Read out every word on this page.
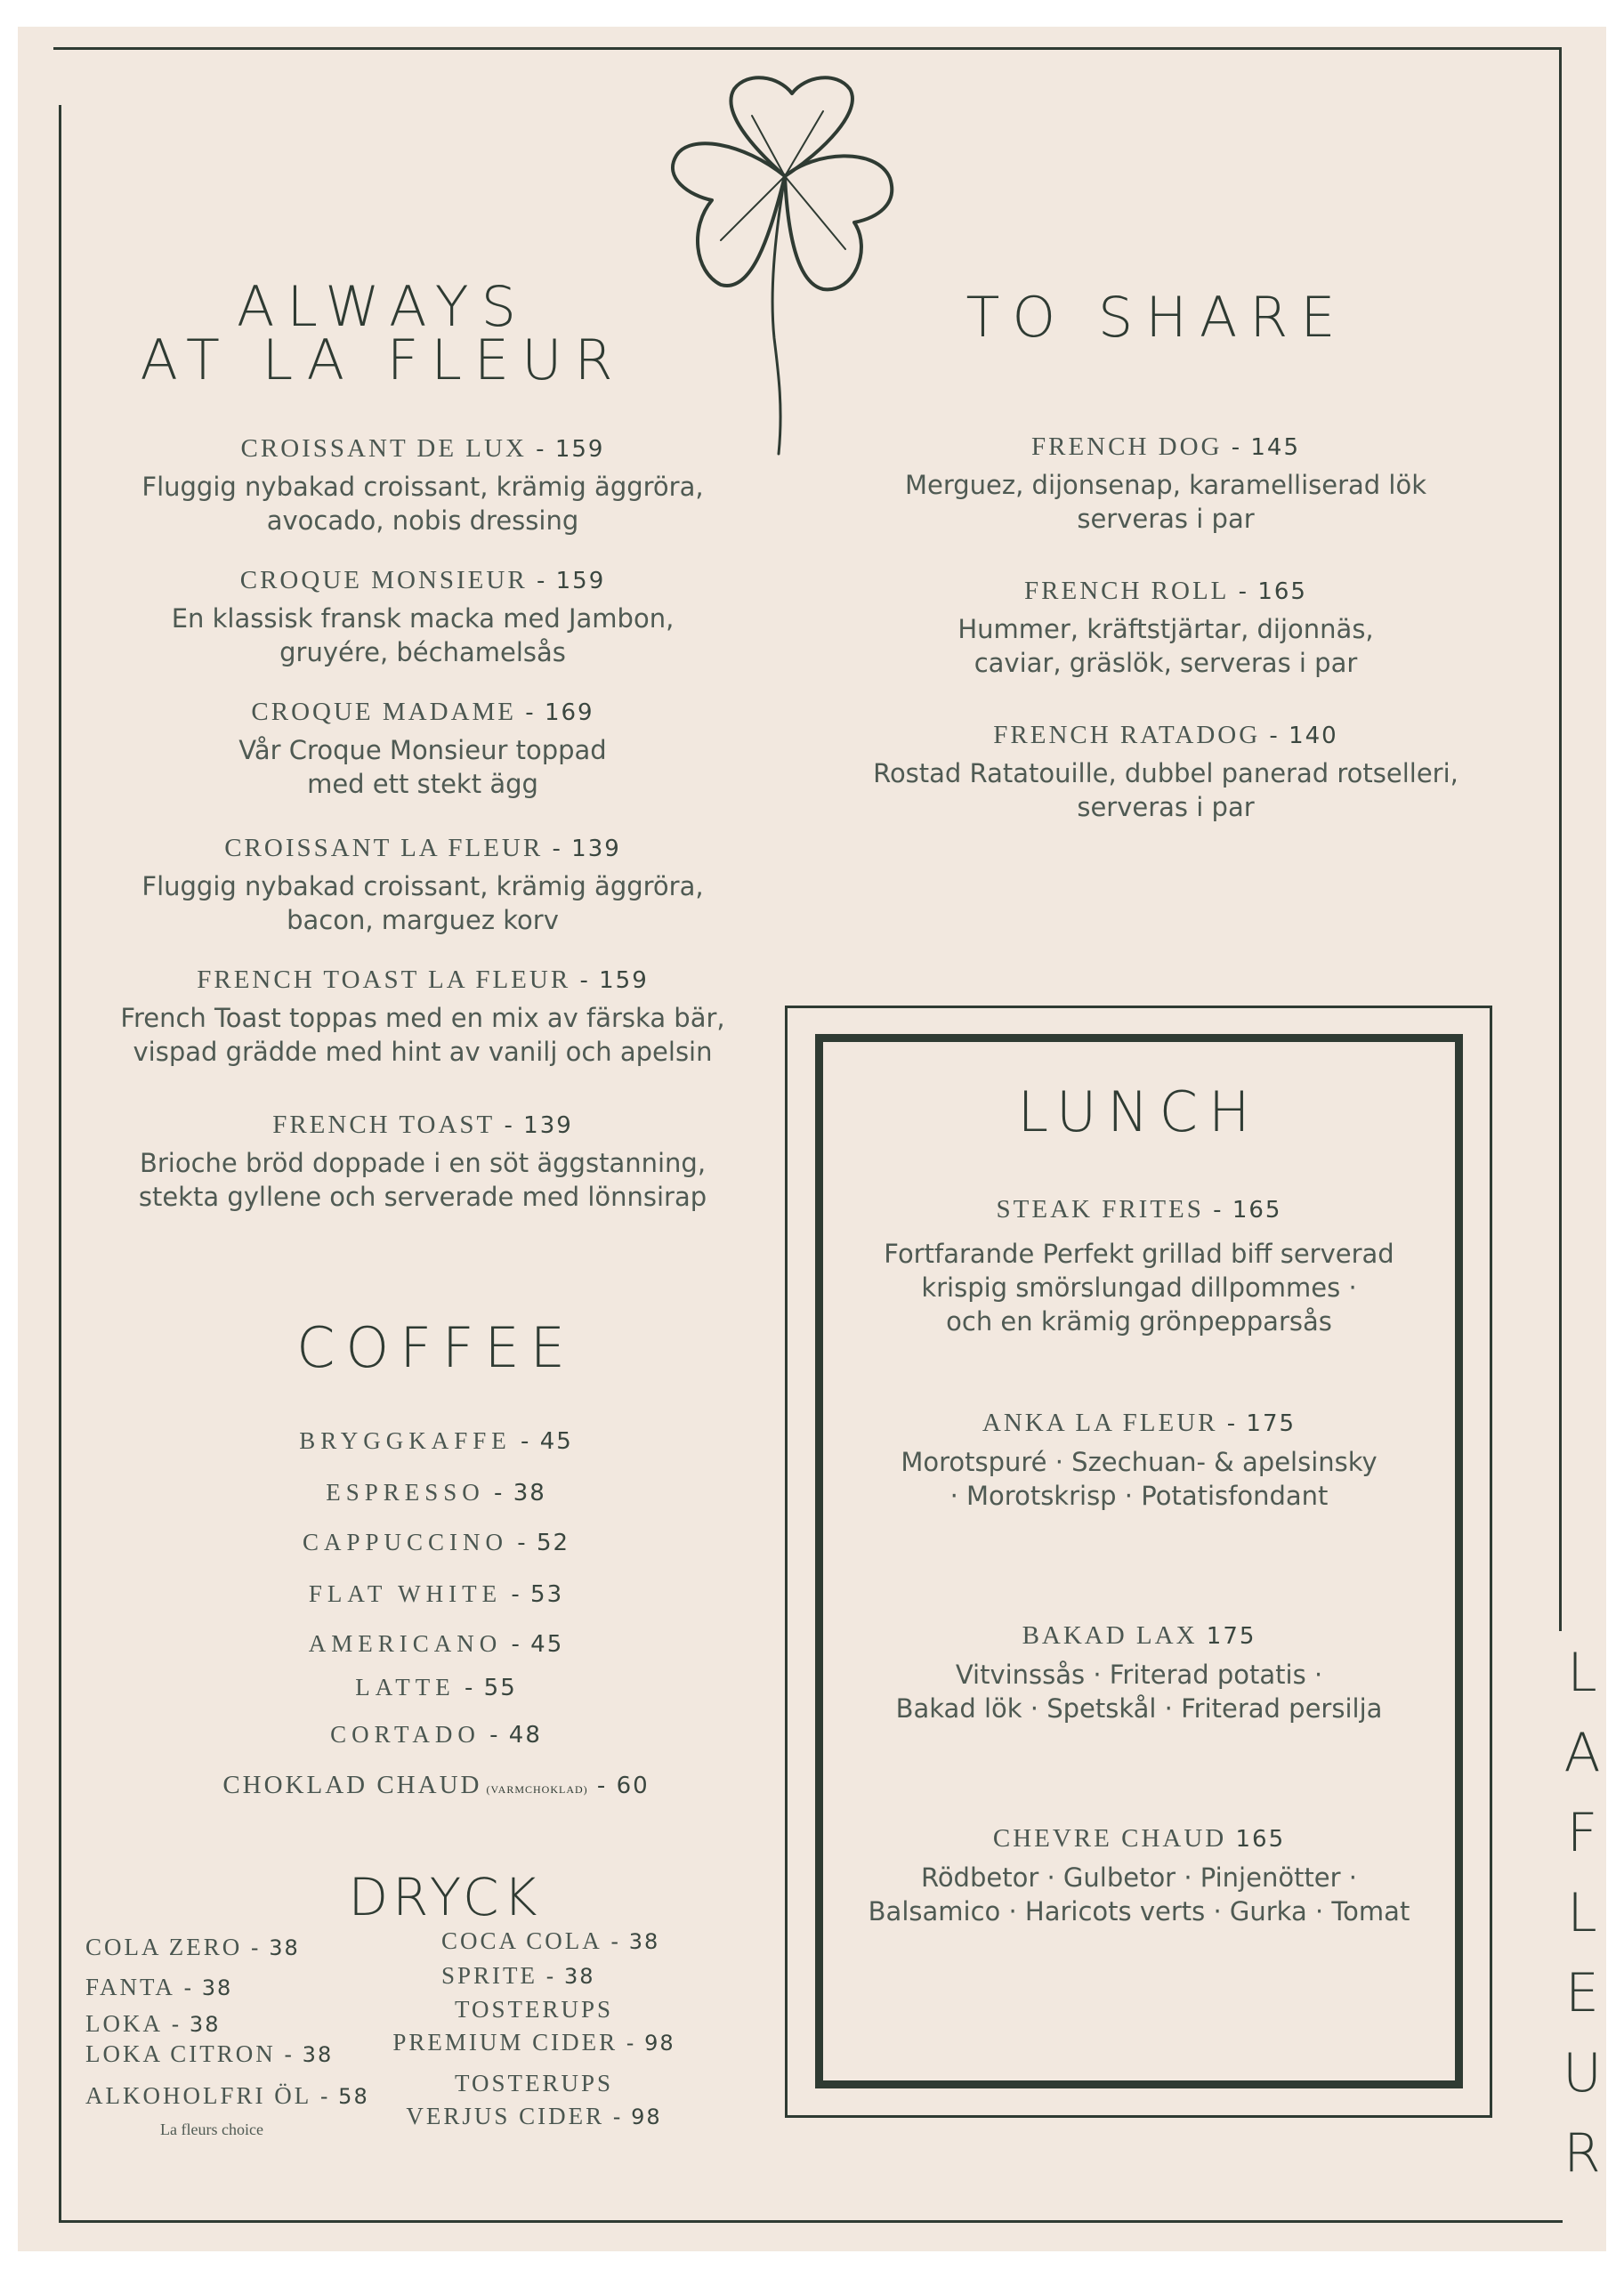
ALWAYS
AT LA FLEUR
TO SHARE
CROISSANT DE LUX - 159
Fluggig nybakad croissant, krämig äggröra,
avocado, nobis dressing
CROQUE MONSIEUR - 159
En klassisk fransk macka med Jambon,
gruyére, béchamelsås
CROQUE MADAME - 169
Vår Croque Monsieur toppad
med ett stekt ägg
CROISSANT LA FLEUR - 139
Fluggig nybakad croissant, krämig äggröra,
bacon, marguez korv
FRENCH TOAST LA FLEUR - 159
French Toast toppas med en mix av färska bär,
vispad grädde med hint av vanilj och apelsin
FRENCH TOAST - 139
Brioche bröd doppade i en söt äggstanning,
stekta gyllene och serverade med lönnsirap
FRENCH DOG - 145
Merguez, dijonsenap, karamelliserad lök
serveras i par
FRENCH ROLL - 165
Hummer, kräftstjärtar, dijonnäs,
caviar, gräslök, serveras i par
FRENCH RATADOG - 140
Rostad Ratatouille, dubbel panerad rotselleri,
serveras i par
LUNCH
STEAK FRITES - 165
Fortfarande Perfekt grillad biff serverad
krispig smörslungad dillpommes ·
och en krämig grönpepparsås
ANKA LA FLEUR - 175
Morotspuré · Szechuan- & apelsinsky
· Morotskrisp · Potatisfondant
BAKAD LAX 175
Vitvinssås · Friterad potatis ·
Bakad lök · Spetskål · Friterad persilja
CHEVRE CHAUD 165
Rödbetor · Gulbetor · Pinjenötter ·
Balsamico · Haricots verts · Gurka · Tomat
COFFEE
BRYGGKAFFE - 45
ESPRESSO - 38
CAPPUCCINO - 52
FLAT WHITE - 53
AMERICANO - 45
LATTE - 55
CORTADO - 48
CHOKLAD CHAUD (VARMCHOKLAD) - 60
DRYCK
COLA ZERO - 38
FANTA - 38
LOKA - 38
LOKA CITRON - 38
ALKOHOLFRI ÖL - 58
La fleurs choice
COCA COLA - 38
SPRITE - 38
TOSTERUPS
PREMIUM CIDER - 98
TOSTERUPS
VERJUS CIDER - 98
L
A
F
L
E
U
R
